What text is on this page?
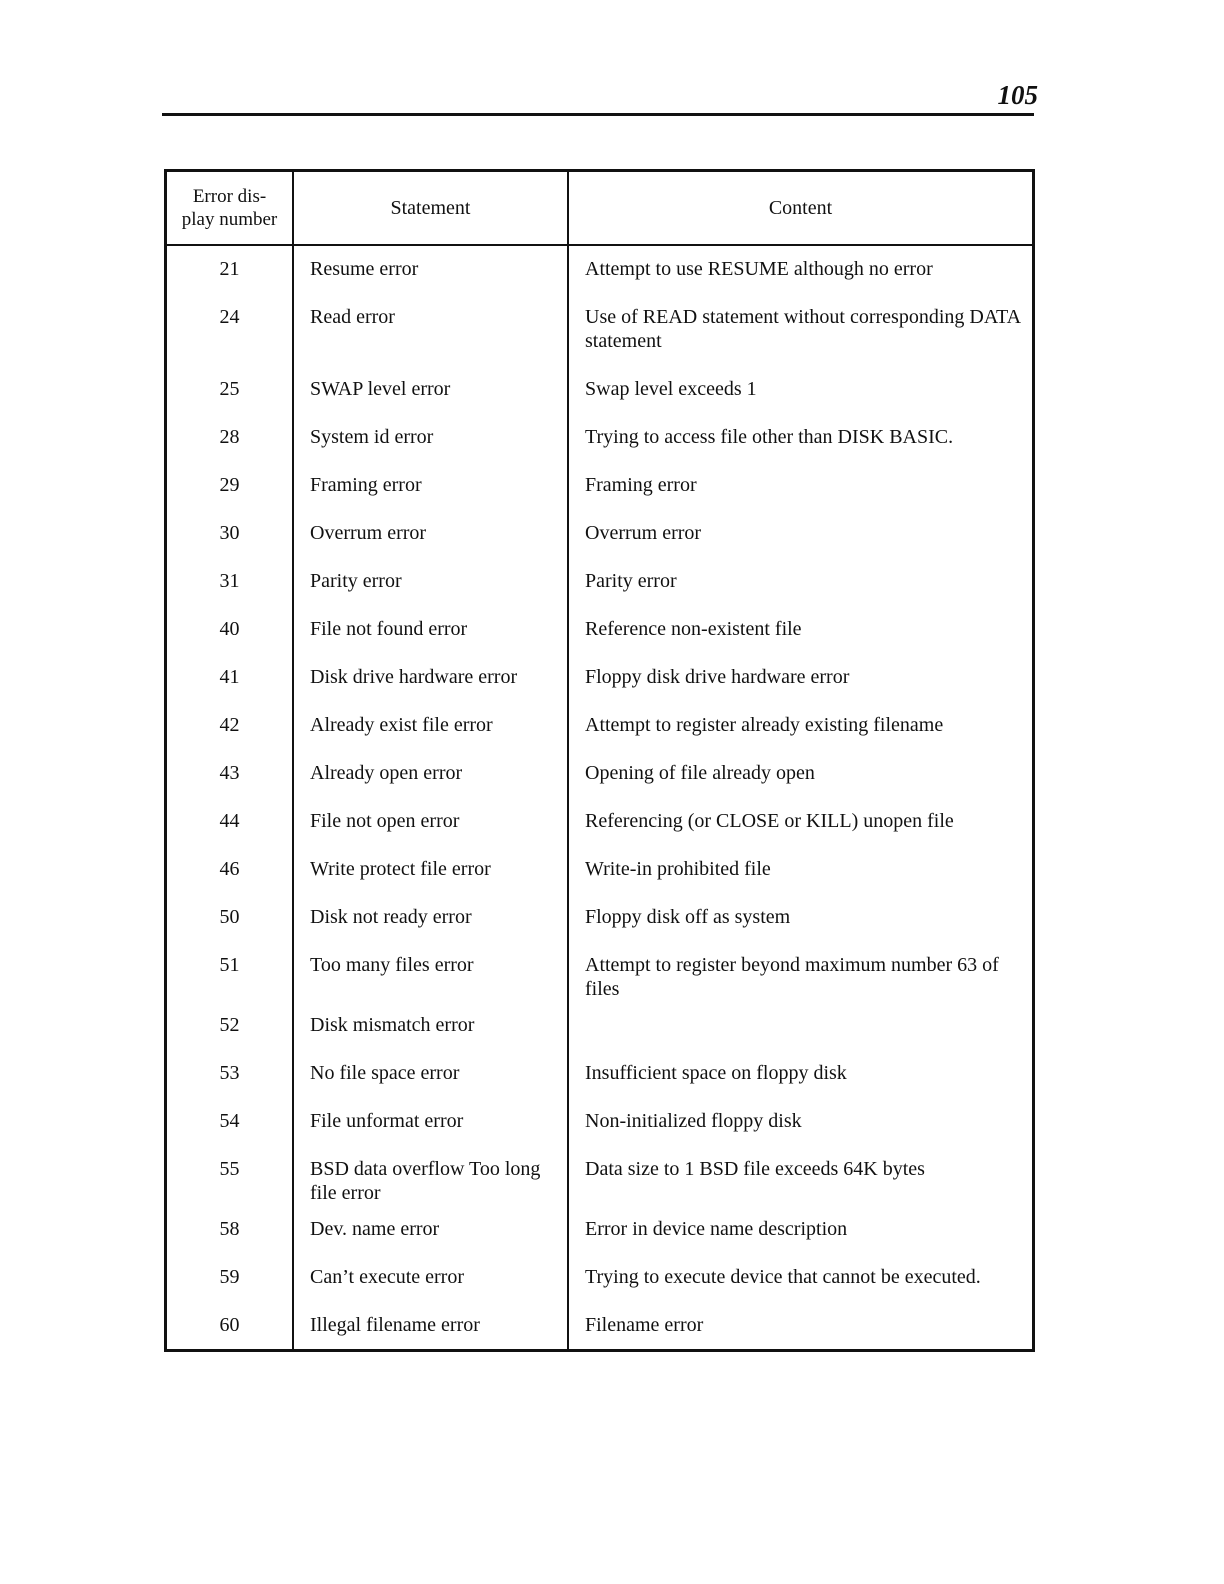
105
Error dis-
play number	Statement	Content
21	Resume error	Attempt to use RESUME although no error
24	Read error	Use of READ statement without corresponding DATA statement
25	SWAP level error	Swap level exceeds 1
28	System id error	Trying to access file other than DISK BASIC.
29	Framing error	Framing error
30	Overrum error	Overrum error
31	Parity error	Parity error
40	File not found error	Reference non-existent file
41	Disk drive hardware error	Floppy disk drive hardware error
42	Already exist file error	Attempt to register already existing filename
43	Already open error	Opening of file already open
44	File not open error	Referencing (or CLOSE or KILL) unopen file
46	Write protect file error	Write-in prohibited file
50	Disk not ready error	Floppy disk off as system
51	Too many files error	Attempt to register beyond maximum number 63 of files
52	Disk mismatch error	
53	No file space error	Insufficient space on floppy disk
54	File unformat error	Non-initialized floppy disk
55	BSD data overflow Too long file error	Data size to 1 BSD file exceeds 64K bytes
58	Dev. name error	Error in device name description
59	Can’t execute error	Trying to execute device that cannot be executed.
60	Illegal filename error	Filename error
